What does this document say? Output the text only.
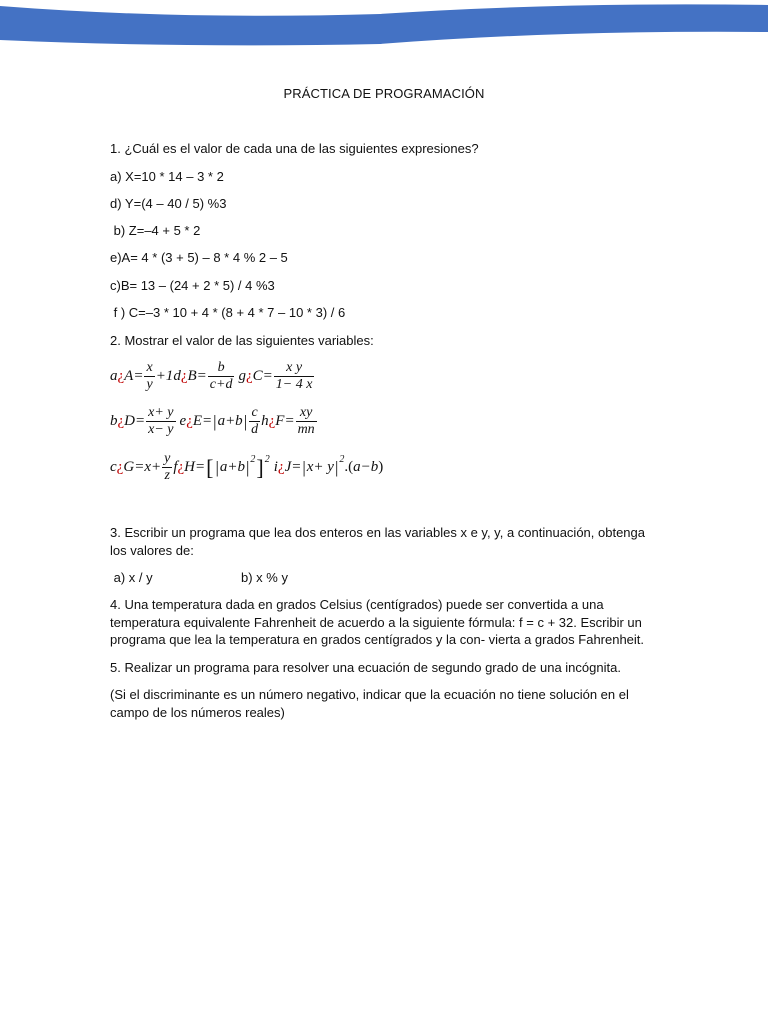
PRÁCTICA DE PROGRAMACIÓN
1. ¿Cuál es el valor de cada una de las siguientes expresiones?
a) X=10 * 14 – 3 * 2
d) Y=(4 – 40 / 5) %3
b) Z=–4 + 5 * 2
e)A= 4 * (3 + 5) – 8 * 4 % 2 – 5
c)B= 13 – (24 + 2 * 5) / 4 %3
f ) C=–3 * 10 + 4 * (8 + 4 * 7 – 10 * 3) / 6
2. Mostrar el valor de las siguientes variables:
a ¿ $A = \frac{x}{y} +1$ d ¿ $B = \frac{b}{c+d}$ g ¿ $C = \frac{\text{x y}}{1- 4 x}$
b ¿ $D = \frac{x+ y}{x- y}$ e ¿ E = | a+b | $\frac{c}{d}$ h ¿ $F = \frac{xy}{mn}$
c ¿ $G = x+ \frac{y}{z}$ f ¿ H = [ | a+b | 2 ] 2 i ¿ J = | x+ y | 2 .( a−b )
3. Escribir un programa que lea dos enteros en las variables x e y, y, a continuación, obtenga los valores de:
a) x / y	b) x % y
4. Una temperatura dada en grados Celsius (centígrados) puede ser convertida a una temperatura equivalente Fahrenheit de acuerdo a la siguiente fórmula: f = c + 32. Escribir un programa que lea la temperatura en grados centígrados y la con- vierta a grados Fahrenheit.
5. Realizar un programa para resolver una ecuación de segundo grado de una incógnita.
(Si el discriminante es un número negativo, indicar que la ecuación no tiene solución en el campo de los números reales)
